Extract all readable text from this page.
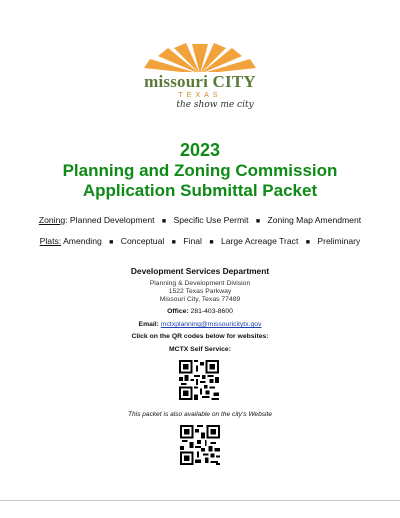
missouri CITY
TEXAS
the show me city
2023
Planning and Zoning Commission
Application Submittal Packet
Zoning: Planned Development ■ Specific Use Permit ■ Zoning Map Amendment
Plats: Amending ■ Conceptual ■ Final ■ Large Acreage Tract ■ Preliminary
Development Services Department
Planning & Development Division
1522 Texas Parkway
Missouri City, Texas 77489
Office: 281-403-8600
Email: mctxplanning@missouricitytx.gov
Click on the QR codes below for websites:
MCTX Self Service:
This packet is also available on the city's Website
